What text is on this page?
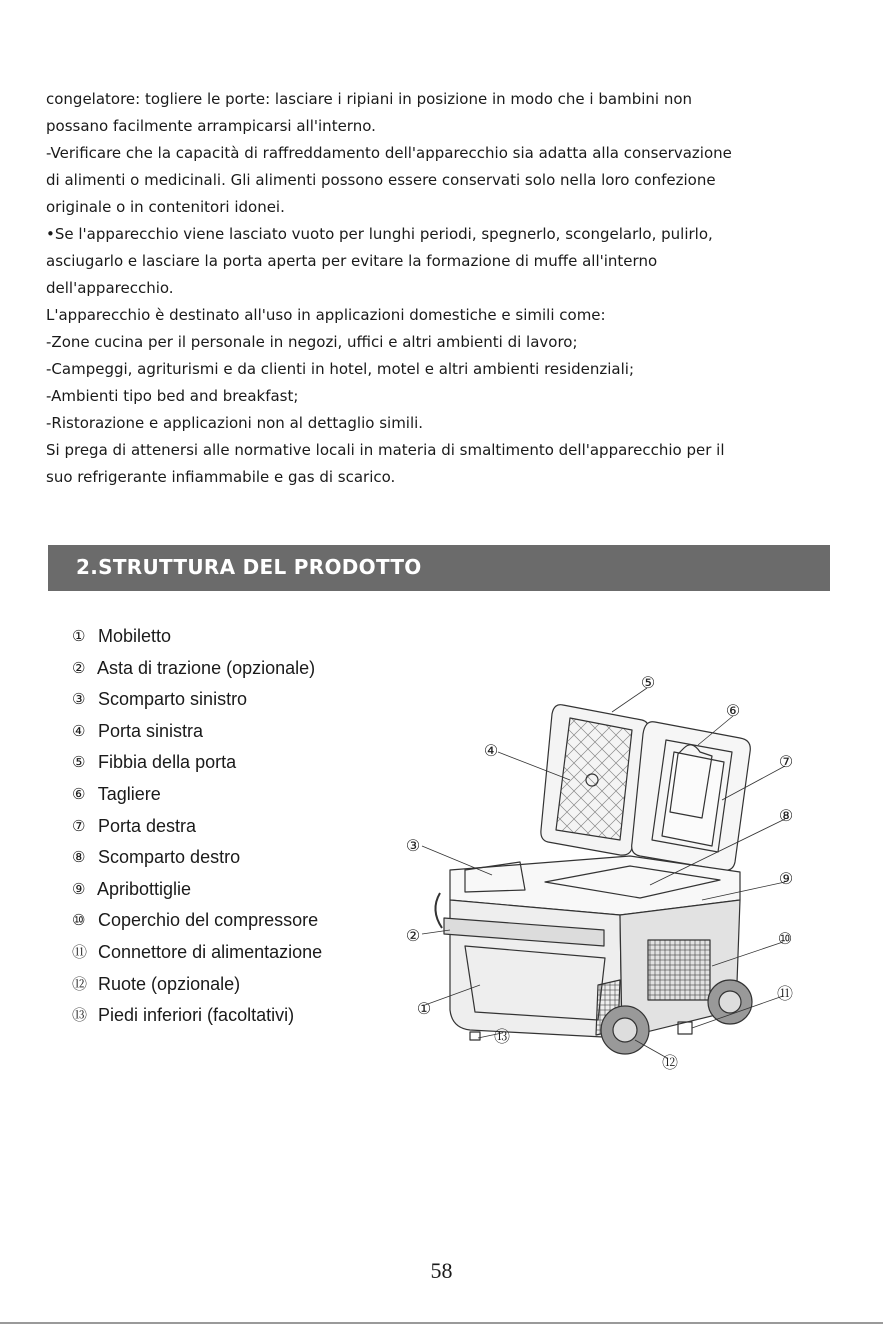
congelatore: togliere le porte: lasciare i ripiani in posizione in modo che i bambini non

possano facilmente arrampicarsi all'interno.

-Verificare che la capacità di raffreddamento dell'apparecchio sia adatta alla conservazione

di alimenti o medicinali. Gli alimenti possono essere conservati solo nella loro confezione

originale o in contenitori idonei.

•Se l'apparecchio viene lasciato vuoto per lunghi periodi, spegnerlo, scongelarlo, pulirlo,

asciugarlo e lasciare la porta aperta per evitare la formazione di muffe all'interno

dell'apparecchio.

L'apparecchio è destinato all'uso in applicazioni domestiche e simili come:

-Zone cucina per il personale in negozi, uffici e altri ambienti di lavoro;

-Campeggi, agriturismi e da clienti in hotel, motel e altri ambienti residenziali;

-Ambienti tipo bed and breakfast;

-Ristorazione e applicazioni non al dettaglio simili.

Si prega di attenersi alle normative locali in materia di smaltimento dell'apparecchio per il

suo refrigerante infiammabile e gas di scarico.

2.STRUTTURA DEL PRODOTTO
① Mobiletto
② Asta di trazione (opzionale)
③ Scomparto sinistro
④ Porta sinistra
⑤ Fibbia della porta
⑥ Tagliere
⑦ Porta destra
⑧ Scomparto destro
⑨ Apribottiglie
⑩ Coperchio del compressore
⑪ Connettore di alimentazione
⑫ Ruote (opzionale)
⑬ Piedi inferiori (facoltativi)	①
②
③
④
⑤
⑥
⑦
⑧
⑨
⑩
⑪
⑫
⑬
58
